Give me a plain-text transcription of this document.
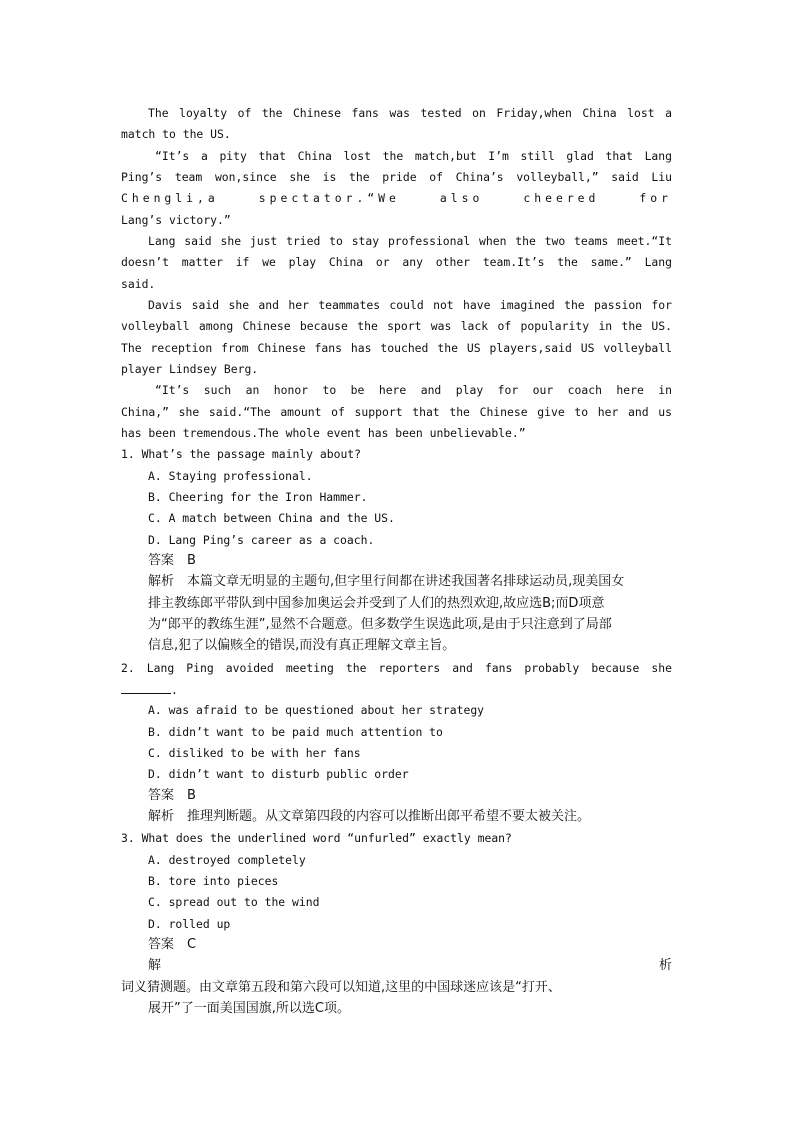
The loyalty of the Chinese fans was tested on Friday,when China lost a
match to the US.
“It’s a pity that China lost the match,but I’m still glad that Lang
Ping’s team won,since she is the pride of China’s volleyball,” said Liu
Chengli,a spectator.“We also cheered for
Lang’s victory.”
Lang said she just tried to stay professional when the two teams meet.“It
doesn’t matter if we play China or any other team.It’s the same.” Lang
said.
Davis said she and her teammates could not have imagined the passion for
volleyball among Chinese because the sport was lack of popularity in the US.
The reception from Chinese fans has touched the US players,said US volleyball
player Lindsey Berg.
“It’s such an honor to be here and play for our coach here in
China,” she said.“The amount of support that the Chinese give to her and us
has been tremendous.The whole event has been unbelievable.”
1. What’s the passage mainly about?
A. Staying professional.
B. Cheering for the Iron Hammer.
C. A match between China and the US.
D. Lang Ping’s career as a coach.
答案　B
解析　本篇文章无明显的主题句,但字里行间都在讲述我国著名排球运动员,现美国女
排主教练郎平带队到中国参加奥运会并受到了人们的热烈欢迎,故应选B;而D项意
为“郎平的教练生涯”,显然不合题意。但多数学生误选此项,是由于只注意到了局部
信息,犯了以偏赅全的错误,而没有真正理解文章主旨。
2. Lang Ping avoided meeting the reporters and fans probably because she
.
A. was afraid to be questioned about her strategy
B. didn’t want to be paid much attention to
C. disliked to be with her fans
D. didn’t want to disturb public order
答案　B
解析　推理判断题。从文章第四段的内容可以推断出郎平希望不要太被关注。
3. What does the underlined word “unfurled” exactly mean?
A. destroyed completely
B. tore into pieces
C. spread out to the wind
D. rolled up
答案　C
解	析
词义猜测题。由文章第五段和第六段可以知道,这里的中国球迷应该是“打开、
展开”了一面美国国旗,所以选C项。
